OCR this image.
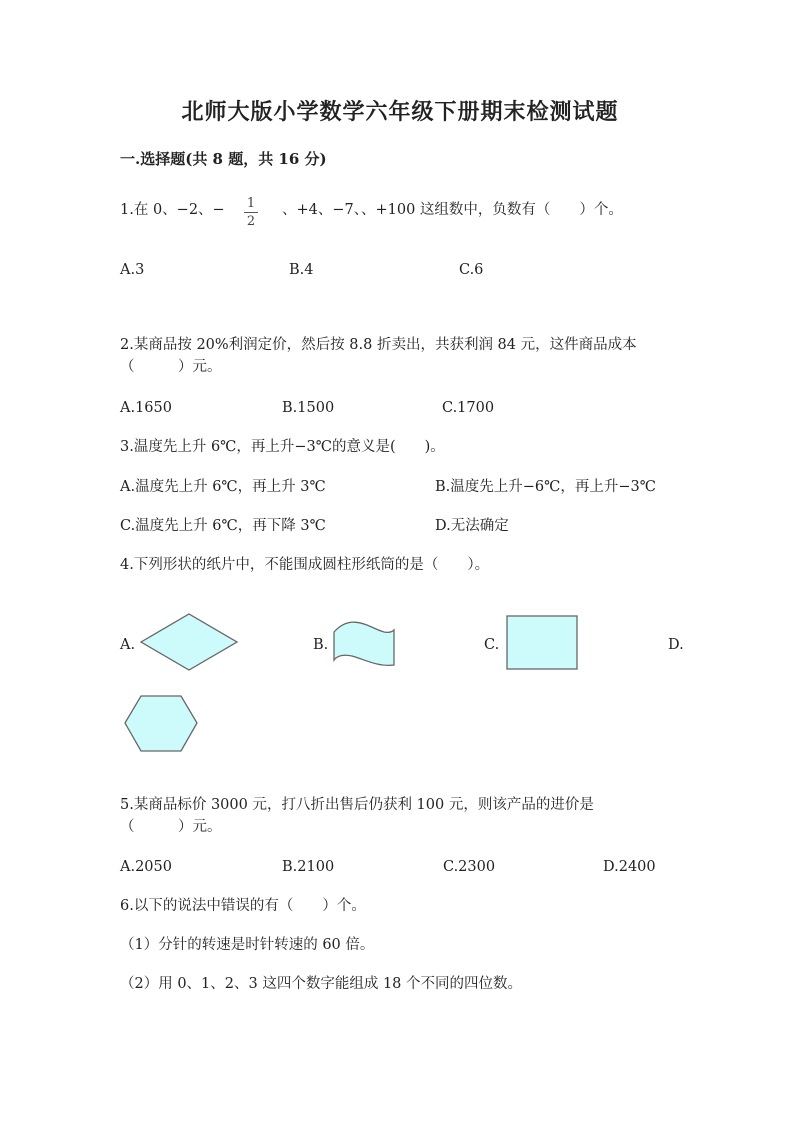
北师大版小学数学六年级下册期末检测试题
一.选择题(共 8 题，共 16 分)
1.在 0、−2、− 1
2
、+4、−7、、+100 这组数中，负数有（　　）个。
A.3	B.4	C.6
2.某商品按 20%利润定价，然后按 8.8 折卖出，共获利润 84 元，这件商品成本
（　　　）元。
A.1650	B.1500	C.1700
3.温度先上升 6℃，再上升−3℃的意义是(　　)。
A.温度先上升 6℃，再上升 3℃	B.温度先上升−6℃，再上升−3℃
C.温度先上升 6℃，再下降 3℃	D.无法确定
4.下列形状的纸片中，不能围成圆柱形纸筒的是（　　）。
A.	B.	C.	D.
5.某商品标价 3000 元，打八折出售后仍获利 100 元，则该产品的进价是
（　　　）元。
A.2050	B.2100	C.2300	D.2400
6.以下的说法中错误的有（　　）个。
（1）分针的转速是时针转速的 60 倍。
（2）用 0、1、2、3 这四个数字能组成 18 个不同的四位数。
